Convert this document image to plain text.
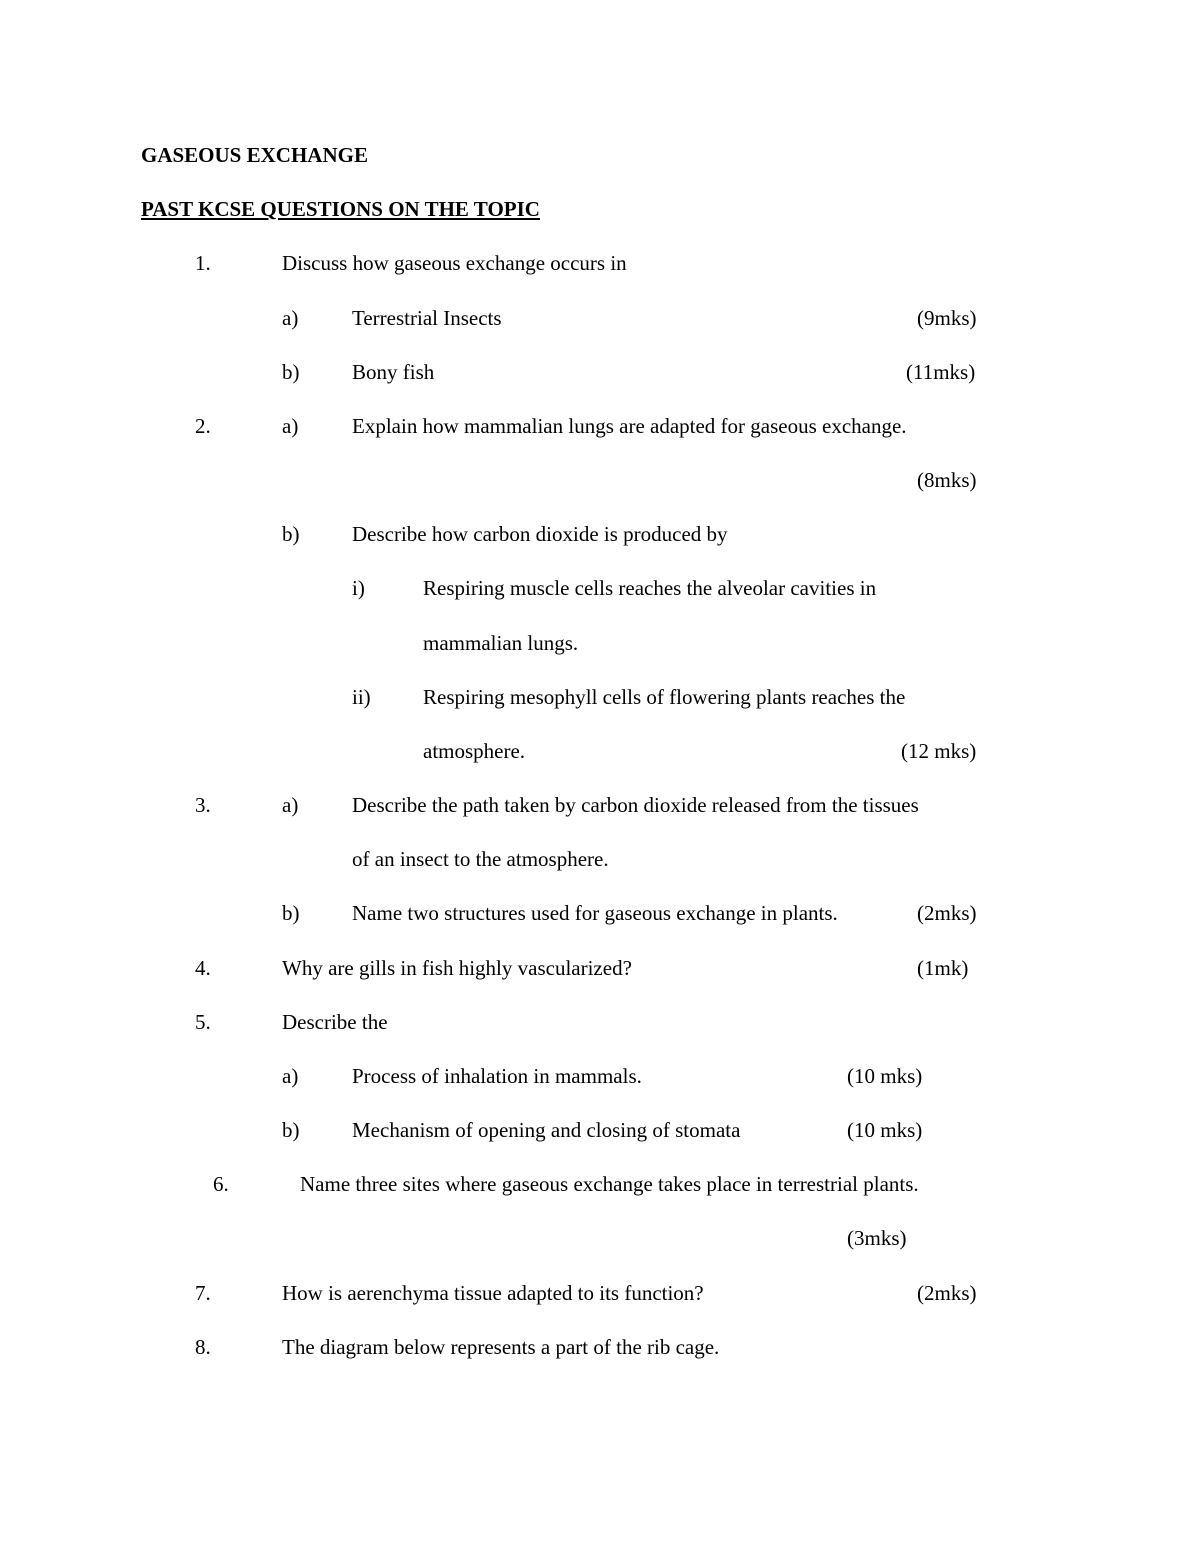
GASEOUS EXCHANGE
PAST KCSE QUESTIONS ON THE TOPIC
1.	Discuss how gaseous exchange occurs in
a)	Terrestrial Insects	(9mks)
b)	Bony fish	(11mks)
2.	a)	Explain how mammalian lungs are adapted for gaseous exchange.
(8mks)
b)	Describe how carbon dioxide is produced by
i)	Respiring muscle cells reaches the alveolar cavities in
mammalian lungs.
ii) Respiring mesophyll cells of flowering plants reaches the
atmosphere.	(12 mks)
3.	a)	Describe the path taken by carbon dioxide released from the tissues
of an insect to the atmosphere.
b)	Name two structures used for gaseous exchange in plants.	(2mks)
4.	Why are gills in fish highly vascularized?	(1mk)
5.	Describe the
a)	Process of inhalation in mammals.	(10 mks)
b)	Mechanism of opening and closing of stomata	(10 mks)
6.	Name three sites where gaseous exchange takes place in terrestrial plants.
(3mks)
7.	How is aerenchyma tissue adapted to its function?	(2mks)
8.	The diagram below represents a part of the rib cage.
